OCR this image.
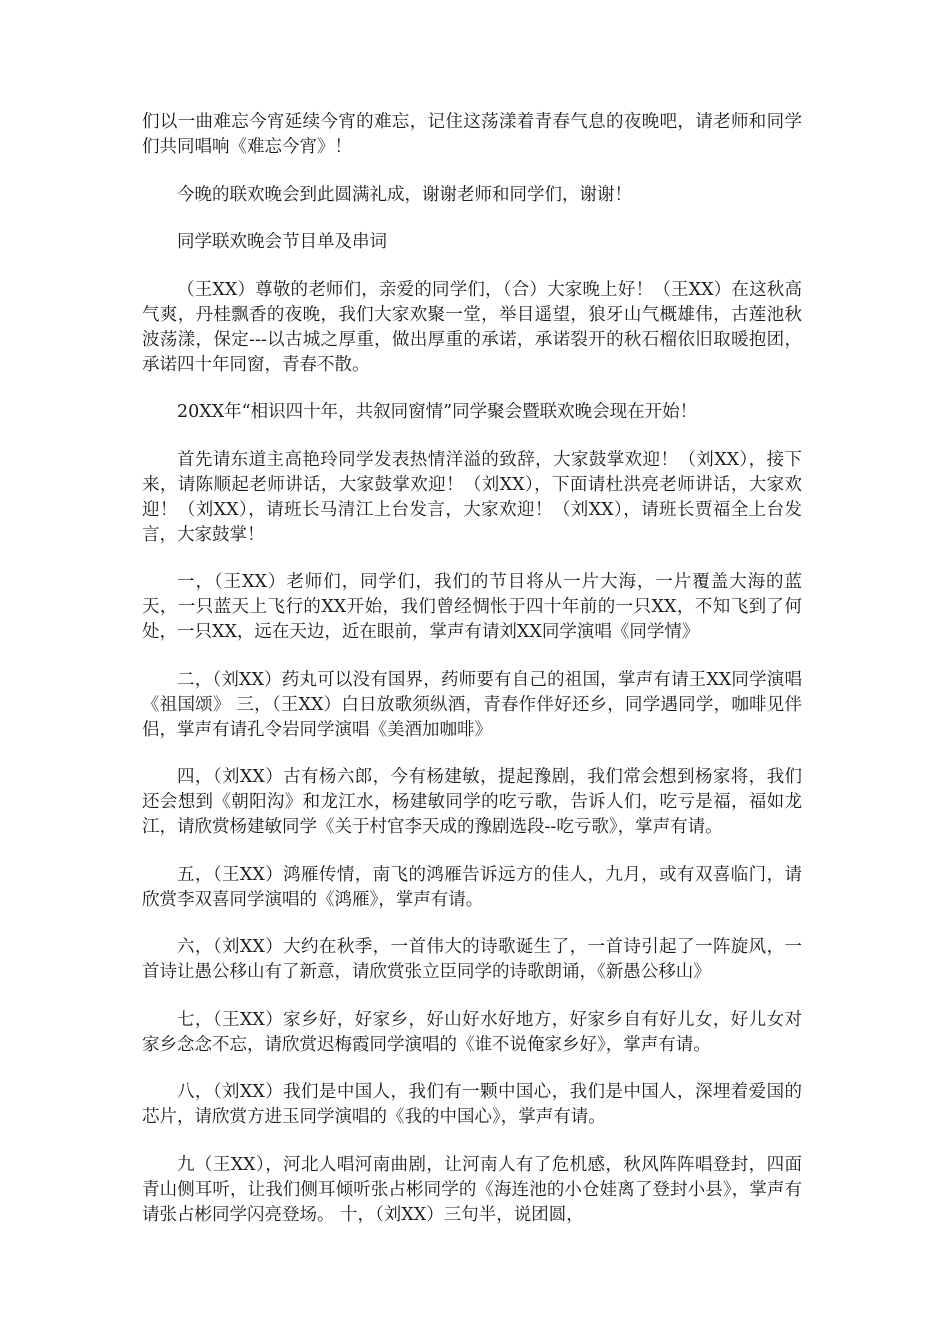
们以一曲难忘今宵延续今宵的难忘，记住这荡漾着青春气息的夜晚吧，请老师和同学们共同唱响《难忘今宵》！

今晚的联欢晚会到此圆满礼成，谢谢老师和同学们，谢谢！

同学联欢晚会节目单及串词

（王XX）尊敬的老师们，亲爱的同学们，（合）大家晚上好！（王XX）在这秋高气爽，丹桂飘香的夜晚，我们大家欢聚一堂，举目遥望，狼牙山气概雄伟，古莲池秋波荡漾，保定---以古城之厚重，做出厚重的承诺，承诺裂开的秋石榴依旧取暖抱团，承诺四十年同窗，青春不散。

20XX年“相识四十年，共叙同窗情”同学聚会暨联欢晚会现在开始！

首先请东道主高艳玲同学发表热情洋溢的致辞，大家鼓掌欢迎！（刘XX），接下来，请陈顺起老师讲话，大家鼓掌欢迎！（刘XX），下面请杜洪亮老师讲话，大家欢迎！（刘XX），请班长马清江上台发言，大家欢迎！（刘XX），请班长贾福全上台发言，大家鼓掌！

一，（王XX）老师们，同学们，我们的节目将从一片大海，一片覆盖大海的蓝天，一只蓝天上飞行的XX开始，我们曾经惆怅于四十年前的一只XX，不知飞到了何处，一只XX，远在天边，近在眼前，掌声有请刘XX同学演唱《同学情》

二，（刘XX）药丸可以没有国界，药师要有自己的祖国，掌声有请王XX同学演唱《祖国颂》 三，（王XX）白日放歌须纵酒，青春作伴好还乡，同学遇同学，咖啡见伴侣，掌声有请孔令岩同学演唱《美酒加咖啡》

四，（刘XX）古有杨六郎，今有杨建敏，提起豫剧，我们常会想到杨家将，我们还会想到《朝阳沟》和龙江水，杨建敏同学的吃亏歌，告诉人们，吃亏是福，福如龙江，请欣赏杨建敏同学《关于村官李天成的豫剧选段--吃亏歌》，掌声有请。

五，（王XX）鸿雁传情，南飞的鸿雁告诉远方的佳人，九月，或有双喜临门，请欣赏李双喜同学演唱的《鸿雁》，掌声有请。

六，（刘XX）大约在秋季，一首伟大的诗歌诞生了，一首诗引起了一阵旋风，一首诗让愚公移山有了新意，请欣赏张立臣同学的诗歌朗诵，《新愚公移山》

七，（王XX）家乡好，好家乡，好山好水好地方，好家乡自有好儿女，好儿女对家乡念念不忘，请欣赏迟梅霞同学演唱的《谁不说俺家乡好》，掌声有请。

八，（刘XX）我们是中国人，我们有一颗中国心，我们是中国人，深埋着爱国的芯片，请欣赏方进玉同学演唱的《我的中国心》，掌声有请。

九（王XX），河北人唱河南曲剧，让河南人有了危机感，秋风阵阵唱登封，四面青山侧耳听，让我们侧耳倾听张占彬同学的《海连池的小仓娃离了登封小县》，掌声有请张占彬同学闪亮登场。 十，（刘XX）三句半，说团圆，
